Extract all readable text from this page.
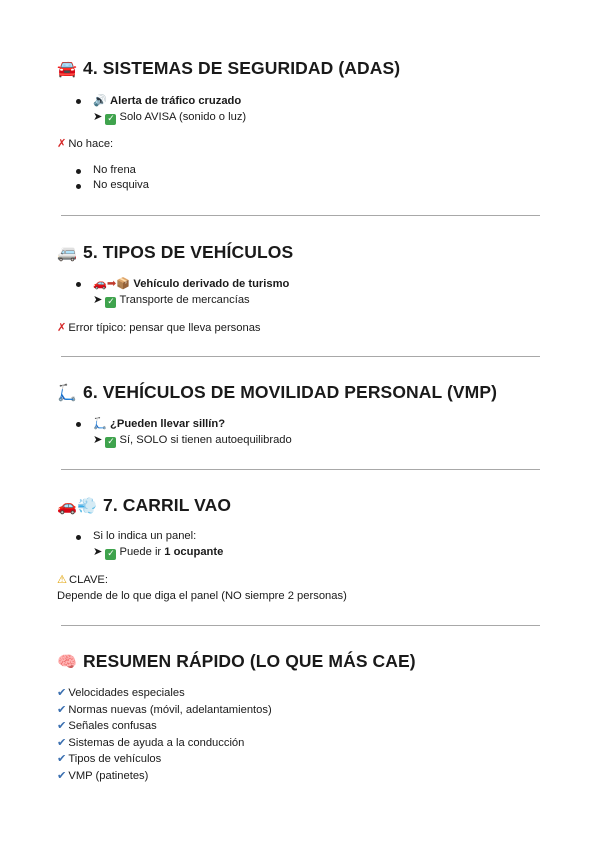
🚘 4. SISTEMAS DE SEGURIDAD (ADAS)
🔊 Alerta de tráfico cruzado
➤ ✓ Solo AVISA (sonido o luz)
✗ No hace:
No frena
No esquiva
🚐 5. TIPOS DE VEHÍCULOS
🚗➡📦 Vehículo derivado de turismo
➤ ✓ Transporte de mercancías
✗ Error típico: pensar que lleva personas
🛴 6. VEHÍCULOS DE MOVILIDAD PERSONAL (VMP)
🛴 ¿Pueden llevar sillín?
➤ ✓ Sí, SOLO si tienen autoequilibrado
🚗💨 7. CARRIL VAO
Si lo indica un panel:
➤ ✓ Puede ir 1 ocupante
⚠ CLAVE:
Depende de lo que diga el panel (NO siempre 2 personas)
🧠 RESUMEN RÁPIDO (LO QUE MÁS CAE)
✔ Velocidades especiales
✔ Normas nuevas (móvil, adelantamientos)
✔ Señales confusas
✔ Sistemas de ayuda a la conducción
✔ Tipos de vehículos
✔ VMP (patinetes)
